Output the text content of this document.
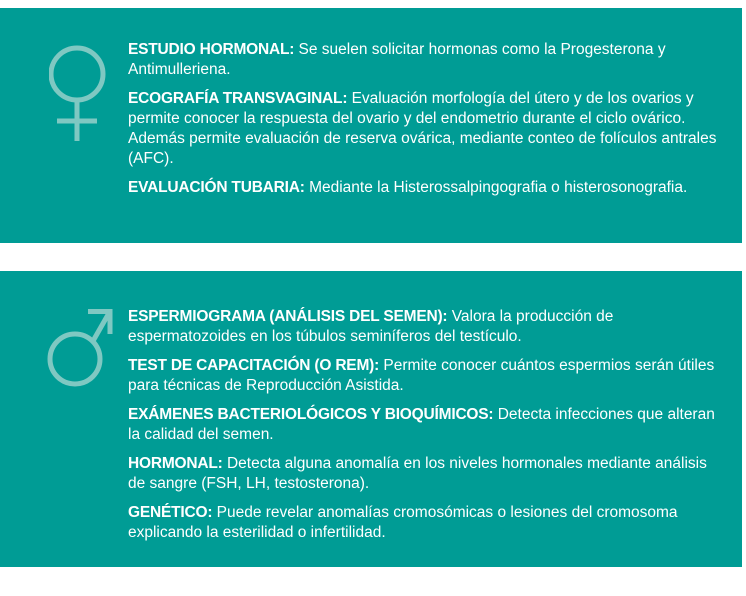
ESTUDIO HORMONAL: Se suelen solicitar hormonas como la Progesterona y Antimulleriena.

ECOGRAFÍA TRANSVAGINAL: Evaluación morfología del útero y de los ovarios y permite conocer la respuesta del ovario y del endometrio durante el ciclo ovárico. Además permite evaluación de reserva ovárica, mediante conteo de folículos antrales (AFC).

EVALUACIÓN TUBARIA: Mediante la Histerossalpingografia o histerosonografia.

ESPERMIOGRAMA (ANÁLISIS DEL SEMEN): Valora la producción de espermatozoides en los túbulos seminíferos del testículo.

TEST DE CAPACITACIÓN (O REM): Permite conocer cuántos espermios serán útiles para técnicas de Reproducción Asistida.

EXÁMENES BACTERIOLÓGICOS Y BIOQUÍMICOS: Detecta infecciones que alteran la calidad del semen.

HORMONAL: Detecta alguna anomalía en los niveles hormonales mediante análisis de sangre (FSH, LH, testosterona).

GENÉTICO: Puede revelar anomalías cromosómicas o lesiones del cromosoma explicando la esterilidad o infertilidad.
